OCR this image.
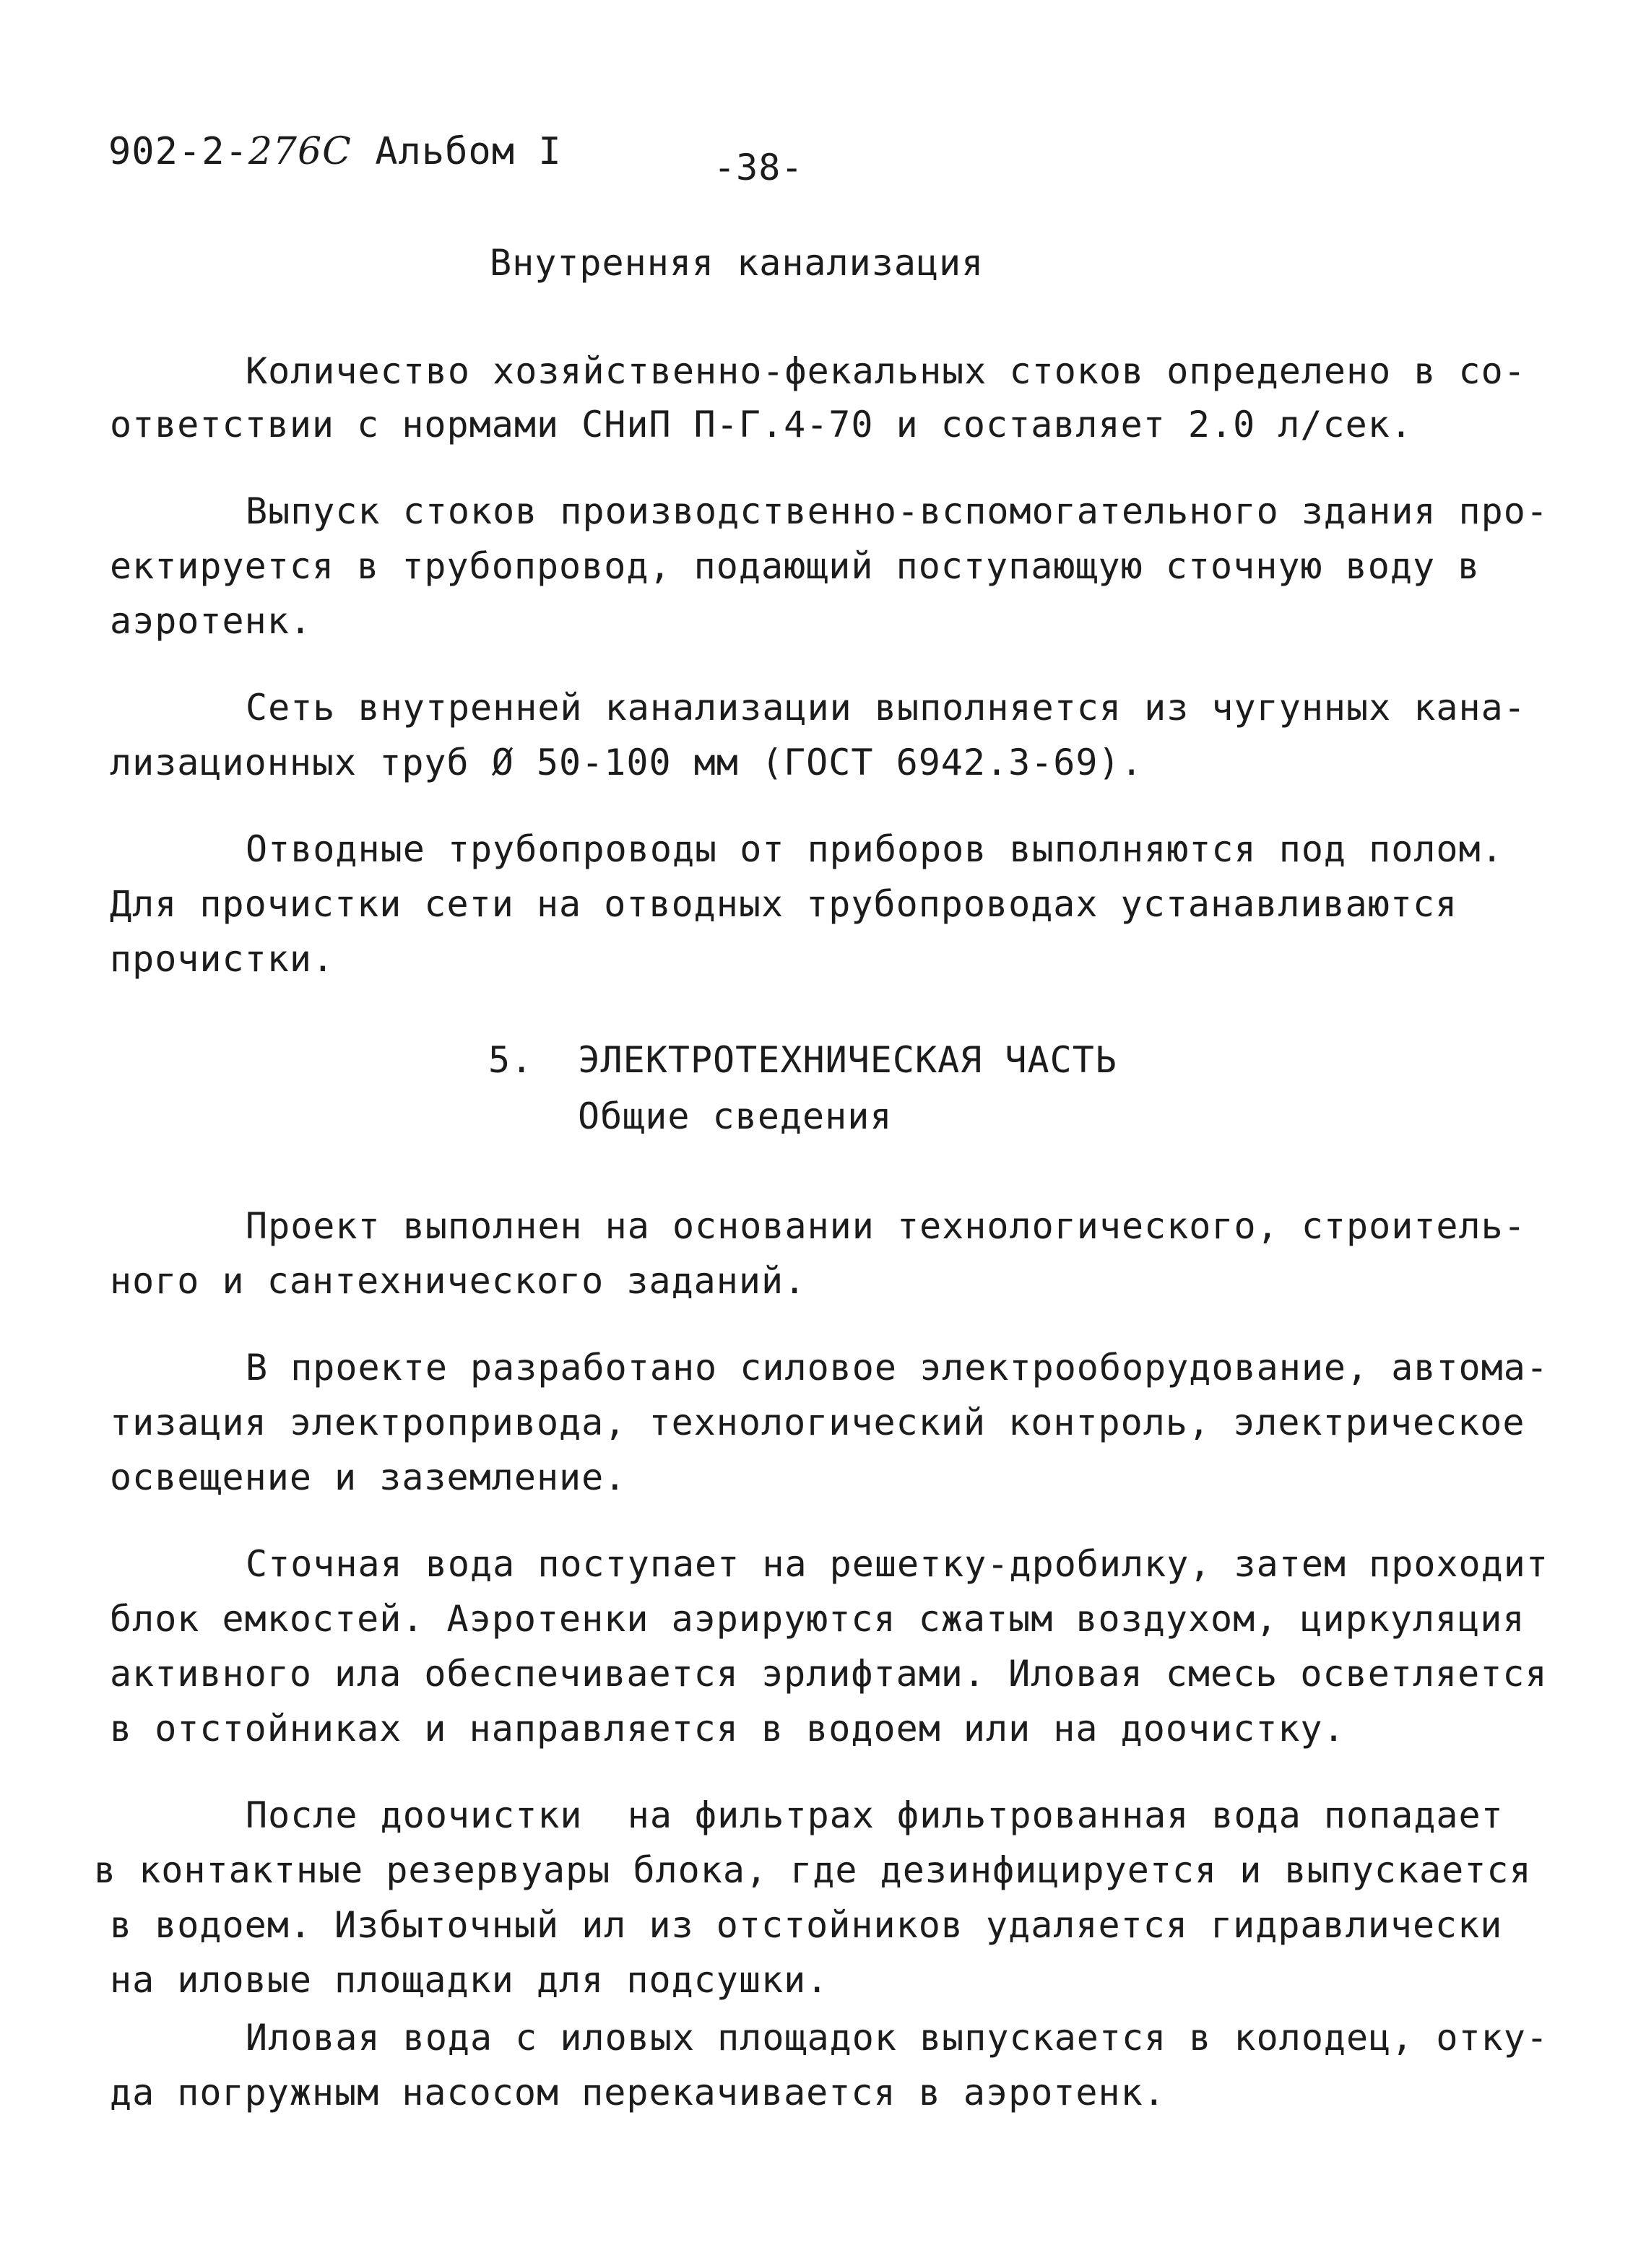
902-2-276С Альбом I	-38-
Внутренняя канализация
Количество хозяйственно-фекальных стоков определено в со-
ответствии с нормами СНиП П-Г.4-70 и составляет 2.0 л/сек.
Выпуск стоков производственно-вспомогательного здания про-
ектируется в трубопровод, подающий поступающую сточную воду в
аэротенк.
Сеть внутренней канализации выполняется из чугунных кана-
лизационных труб Ø 50-100 мм (ГОСТ 6942.3-69).
Отводные трубопроводы от приборов выполняются под полом.
Для прочистки сети на отводных трубопроводах устанавливаются
прочистки.
5. ЭЛЕКТРОТЕХНИЧЕСКАЯ ЧАСТЬ
Общие сведения
Проект выполнен на основании технологического, строитель-
ного и сантехнического заданий.
В проекте разработано силовое электрооборудование, автома-
тизация электропривода, технологический контроль, электрическое
освещение и заземление.
Сточная вода поступает на решетку-дробилку, затем проходит
блок емкостей. Аэротенки аэрируются сжатым воздухом, циркуляция
активного ила обеспечивается эрлифтами. Иловая смесь осветляется
в отстойниках и направляется в водоем или на доочистку.
После доочистки  на фильтрах фильтрованная вода попадает
в контактные резервуары блока, где дезинфицируется и выпускается
в водоем. Избыточный ил из отстойников удаляется гидравлически
на иловые площадки для подсушки.
Иловая вода с иловых площадок выпускается в колодец, отку-
да погружным насосом перекачивается в аэротенк.
